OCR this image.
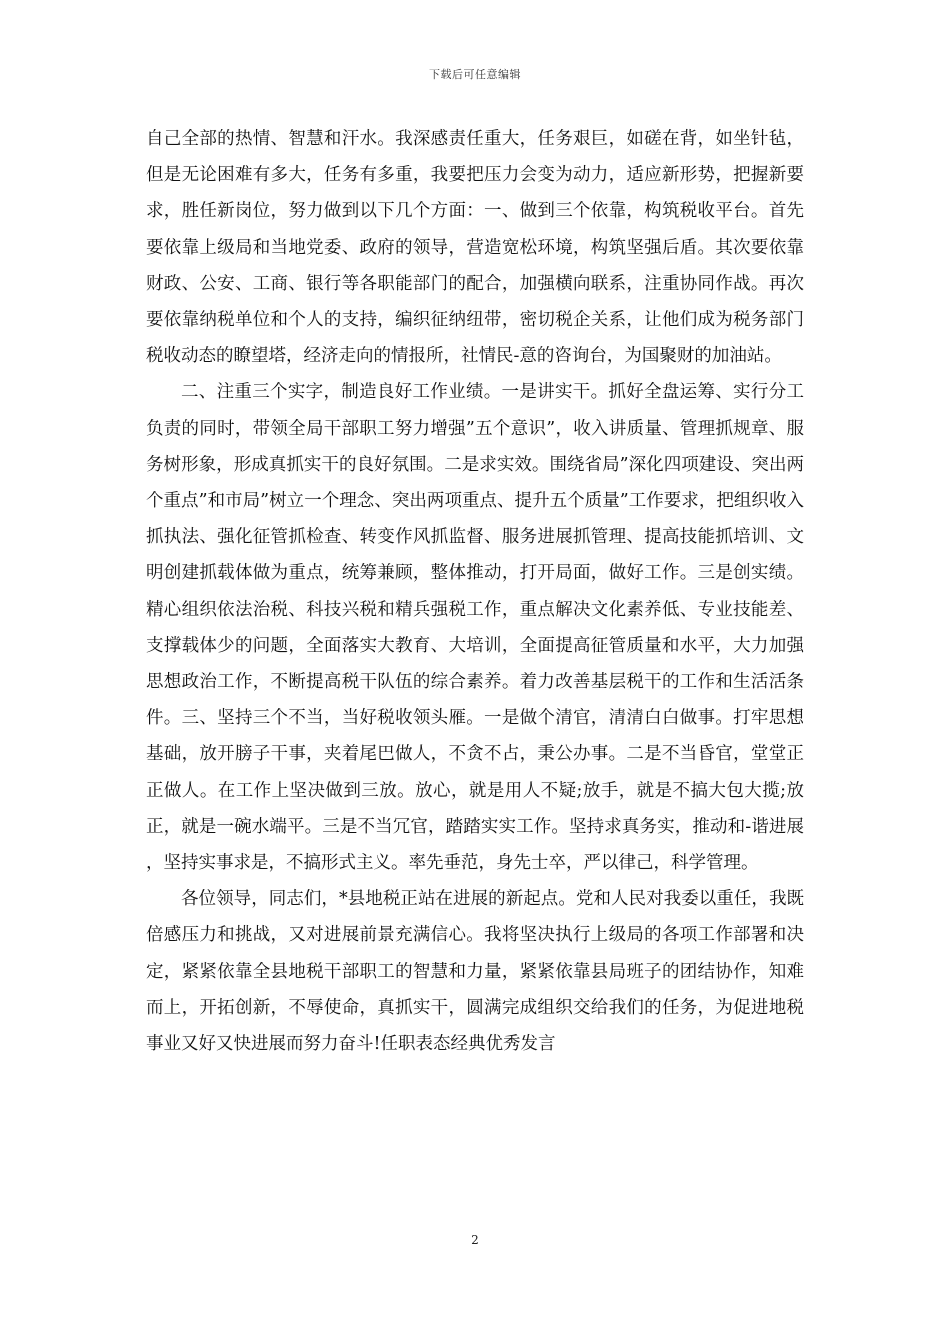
下载后可任意编辑

自己全部的热情、智慧和汗水。我深感责任重大，任务艰巨，如磋在背，如坐针毡，但是无论困难有多大，任务有多重，我要把压力会变为动力，适应新形势，把握新要求，胜任新岗位，努力做到以下几个方面：一、做到三个依靠，构筑税收平台。首先要依靠上级局和当地党委、政府的领导，营造宽松环境，构筑坚强后盾。其次要依靠财政、公安、工商、银行等各职能部门的配合，加强横向联系，注重协同作战。再次要依靠纳税单位和个人的支持，编织征纳纽带，密切税企关系，让他们成为税务部门税收动态的瞭望塔，经济走向的情报所，社情民-意的咨询台，为国聚财的加油站。

二、注重三个实字，制造良好工作业绩。一是讲实干。抓好全盘运筹、实行分工负责的同时，带领全局干部职工努力增强”五个意识”，收入讲质量、管理抓规章、服务树形象，形成真抓实干的良好氛围。二是求实效。围绕省局”深化四项建设、突出两个重点”和市局”树立一个理念、突出两项重点、提升五个质量”工作要求，把组织收入抓执法、强化征管抓检查、转变作风抓监督、服务进展抓管理、提高技能抓培训、文明创建抓载体做为重点，统筹兼顾，整体推动，打开局面，做好工作。三是创实绩。精心组织依法治税、科技兴税和精兵强税工作，重点解决文化素养低、专业技能差、支撑载体少的问题，全面落实大教育、大培训，全面提高征管质量和水平，大力加强思想政治工作，不断提高税干队伍的综合素养。着力改善基层税干的工作和生活活条件。三、坚持三个不当，当好税收领头雁。一是做个清官，清清白白做事。打牢思想基础，放开膀子干事，夹着尾巴做人，不贪不占，秉公办事。二是不当昏官，堂堂正正做人。在工作上坚决做到三放。放心，就是用人不疑;放手，就是不搞大包大揽;放正，就是一碗水端平。三是不当冗官，踏踏实实工作。坚持求真务实，推动和-谐进展，坚持实事求是，不搞形式主义。率先垂范，身先士卒，严以律己，科学管理。

各位领导，同志们，*县地税正站在进展的新起点。党和人民对我委以重任，我既倍感压力和挑战，又对进展前景充满信心。我将坚决执行上级局的各项工作部署和决定，紧紧依靠全县地税干部职工的智慧和力量，紧紧依靠县局班子的团结协作，知难而上，开拓创新，不辱使命，真抓实干，圆满完成组织交给我们的任务，为促进地税事业又好又快进展而努力奋斗!任职表态经典优秀发言

2
